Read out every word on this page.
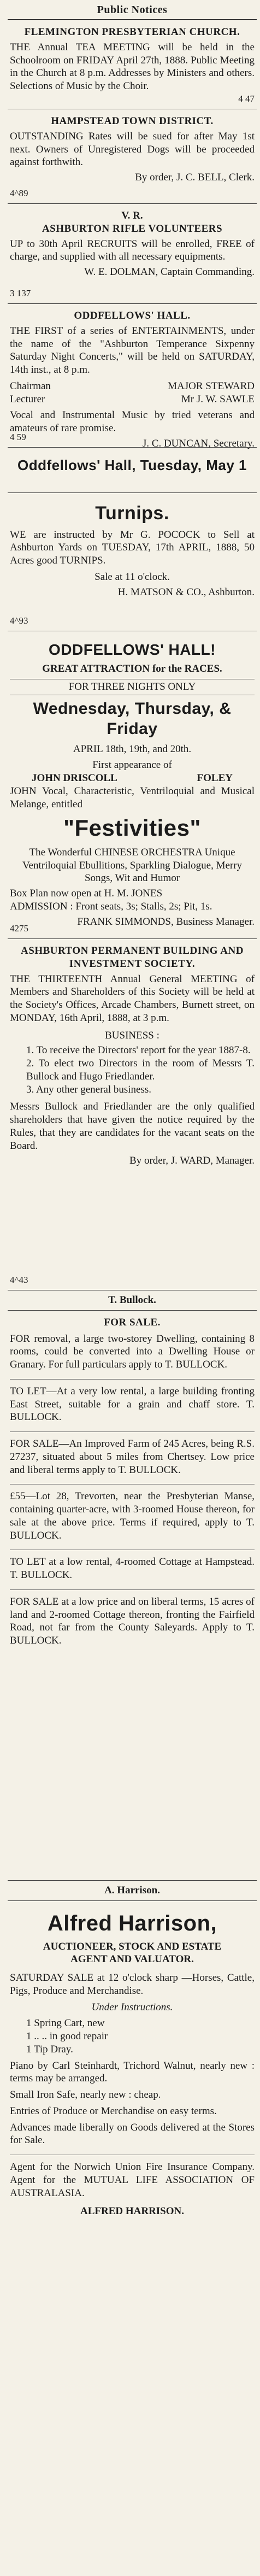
Public Notices
FLEMINGTON PRESBYTERIAN CHURCH.
THE Annual TEA MEETING will be held in the Schoolroom on FRIDAY April 27th, 1888. Public Meeting in the Church at 8 p.m. Addresses by Ministers and others. Selections of Music by the Choir.
4 47
HAMPSTEAD TOWN DISTRICT.
OUTSTANDING Rates will be sued for after May 1st next. Owners of Unregistered Dogs will be proceeded against forthwith.
By order, J. C. BELL, Clerk.
4^89
V. R.
ASHBURTON RIFLE VOLUNTEERS
UP to 30th April RECRUITS will be enrolled, FREE of charge, and supplied with all necessary equipments.
W. E. DOLMAN, Captain Commanding.
3 137
ODDFELLOWS' HALL.
THE FIRST of a series of ENTERTAINMENTS, under the name of the "Ashburton Temperance Sixpenny Saturday Night Concerts," will be held on SATURDAY, 14th inst., at 8 p.m.
Chairman	MAJOR STEWARD
Lecturer	Mr J. W. SAWLE
Vocal and Instrumental Music by tried veterans and amateurs of rare promise.
J. C. DUNCAN, Secretary.
4 59
Oddfellows' Hall, Tuesday, May 1
Turnips.
WE are instructed by Mr G. POCOCK to Sell at Ashburton Yards on TUESDAY, 17th APRIL, 1888, 50 Acres good TURNIPS.
Sale at 11 o'clock.
H. MATSON & CO., Ashburton.
4^93
ODDFELLOWS' HALL!
GREAT ATTRACTION for the RACES.
FOR THREE NIGHTS ONLY
Wednesday, Thursday, & Friday
APRIL 18th, 19th, and 20th.
First appearance of
JOHN DRISCOLL	FOLEY
JOHN Vocal, Characteristic, Ventriloquial and Musical Melange, entitled
"Festivities"
The Wonderful CHINESE ORCHESTRA Unique Ventriloquial Ebullitions, Sparkling Dialogue, Merry Songs, Wit and Humor
Box Plan now open at H. M. JONES
ADMISSION : Front seats, 3s; Stalls, 2s; Pit, 1s.
FRANK SIMMONDS, Business Manager.
4275
ASHBURTON PERMANENT BUILDING AND INVESTMENT SOCIETY.
THE THIRTEENTH Annual General MEETING of Members and Shareholders of this Society will be held at the Society's Offices, Arcade Chambers, Burnett street, on MONDAY, 16th April, 1888, at 3 p.m.
BUSINESS :
1. To receive the Directors' report for the year 1887-8.
2. To elect two Directors in the room of Messrs T. Bullock and Hugo Friedlander.
3. Any other general business.
Messrs Bullock and Friedlander are the only qualified shareholders that have given the notice required by the Rules, that they are candidates for the vacant seats on the Board.
By order, J. WARD, Manager.
4^43
T. Bullock.
FOR SALE.
FOR removal, a large two-storey Dwelling, containing 8 rooms, could be converted into a Dwelling House or Granary. For full particulars apply to T. BULLOCK.
TO LET—At a very low rental, a large building fronting East Street, suitable for a grain and chaff store. T. BULLOCK.
FOR SALE—An Improved Farm of 245 Acres, being R.S. 27237, situated about 5 miles from Chertsey. Low price and liberal terms apply to T. BULLOCK.
£55—Lot 28, Trevorten, near the Presbyterian Manse, containing quarter-acre, with 3-roomed House thereon, for sale at the above price. Terms if required, apply to T. BULLOCK.
TO LET at a low rental, 4-roomed Cottage at Hampstead. T. BULLOCK.
FOR SALE at a low price and on liberal terms, 15 acres of land and 2-roomed Cottage thereon, fronting the Fairfield Road, not far from the County Saleyards. Apply to T. BULLOCK.
A. Harrison.
Alfred Harrison,
AUCTIONEER, STOCK AND ESTATE
AGENT AND VALUATOR.
SATURDAY SALE at 12 o'clock sharp —Horses, Cattle, Pigs, Produce and Merchandise.
Under Instructions.
1 Spring Cart, new
1 .. .. in good repair
1 Tip Dray.
Piano by Carl Steinhardt, Trichord Walnut, nearly new : terms may be arranged.
Small Iron Safe, nearly new : cheap.
Entries of Produce or Merchandise on easy terms.
Advances made liberally on Goods delivered at the Stores for Sale.
Agent for the Norwich Union Fire Insurance Company. Agent for the MUTUAL LIFE ASSOCIATION OF AUSTRALASIA.
ALFRED HARRISON.
